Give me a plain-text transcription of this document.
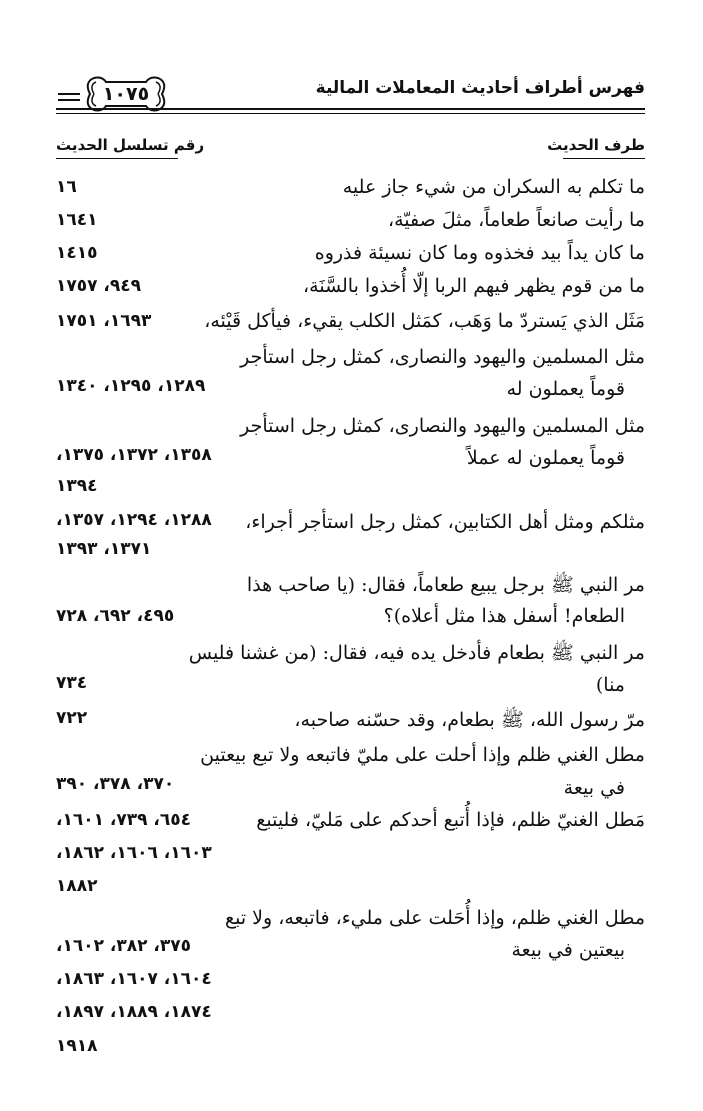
فهرس أطراف أحاديث المعاملات المالية
١٠٧٥
طرف الحديث
رقم تسلسل الحديث
ما تكلم به السكران من شيء جاز عليه
١٦
ما رأيت صانعاً طعاماً، مثلَ صفيّة،
١٦٤١
ما كان يداً بيد فخذوه وما كان نسيئة فذروه
١٤١٥
ما من قوم يظهر فيهم الربا إلّا أُخذوا بالسَّنَة،
٩٤٩، ١٧٥٧
مَثَل الذي يَستردّ ما وَهَب، كمَثل الكلب يقيء، فيأكل قَيْئه،
١٦٩٣، ١٧٥١
مثل المسلمين واليهود والنصارى، كمثل رجل استأجر
قوماً يعملون له
١٢٨٩، ١٢٩٥، ١٣٤٠
مثل المسلمين واليهود والنصارى، كمثل رجل استأجر
قوماً يعملون له عملاً
١٣٥٨، ١٣٧٢، ١٣٧٥،
١٣٩٤
مثلكم ومثل أهل الكتابين، كمثل رجل استأجر أجراء،
١٢٨٨، ١٢٩٤، ١٣٥٧،
١٣٧١، ١٣٩٣
مر النبي ﷺ برجل يبيع طعاماً، فقال: (يا صاحب هذا
الطعام! أسفل هذا مثل أعلاه)؟
٤٩٥، ٦٩٢، ٧٢٨
مر النبي ﷺ بطعام فأدخل يده فيه، فقال: (من غشنا فليس
منا)
٧٣٤
مرّ رسول الله، ﷺ بطعام، وقد حسّنه صاحبه،
٧٢٢
مطل الغني ظلم وإذا أحلت على مليّ فاتبعه ولا تبع بيعتين
في بيعة
٣٧٠، ٣٧٨، ٣٩٠
مَطل الغنيّ ظلم، فإذا أُتبع أحدكم على مَليّ، فليتبع
٦٥٤، ٧٣٩، ١٦٠١،
١٦٠٣، ١٦٠٦، ١٨٦٢،
١٨٨٢
مطل الغني ظلم، وإذا أُحَلت على مليء، فاتبعه، ولا تبع
بيعتين في بيعة
٣٧٥، ٣٨٢، ١٦٠٢،
١٦٠٤، ١٦٠٧، ١٨٦٣،
١٨٧٤، ١٨٨٩، ١٨٩٧،
١٩١٨
